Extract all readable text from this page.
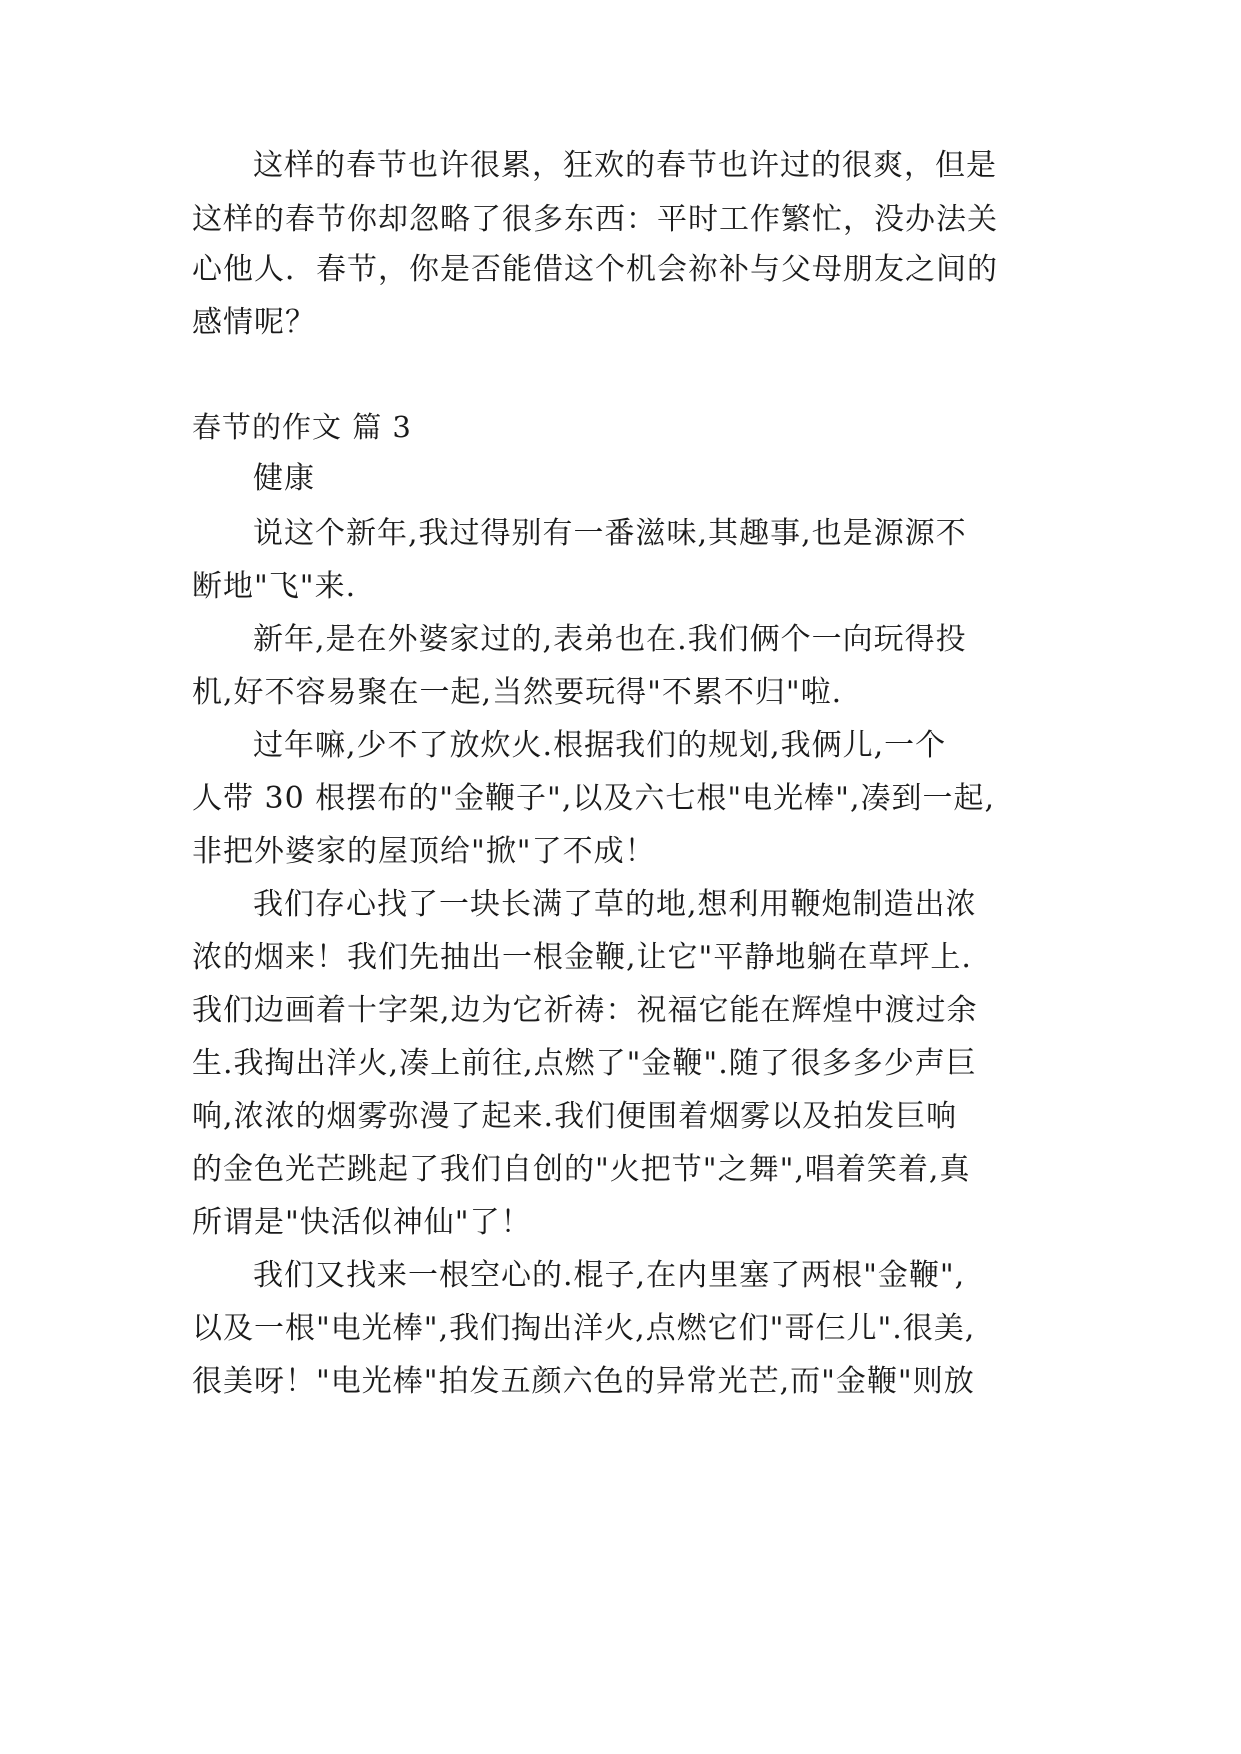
这样的春节也许很累，狂欢的春节也许过的很爽，但是
这样的春节你却忽略了很多东西：平时工作繁忙，没办法关
心他人．春节，你是否能借这个机会祢补与父母朋友之间的
感情呢？
春节的作文 篇 3
健康
说这个新年,我过得别有一番滋味,其趣事,也是源源不
断地"飞"来.
新年,是在外婆家过的,表弟也在.我们俩个一向玩得投
机,好不容易聚在一起,当然要玩得"不累不归"啦.
过年嘛,少不了放炊火.根据我们的规划,我俩儿,一个
人带 30 根摆布的"金鞭子",以及六七根"电光棒",凑到一起,
非把外婆家的屋顶给"掀"了不成！
我们存心找了一块长满了草的地,想利用鞭炮制造出浓
浓的烟来！我们先抽出一根金鞭,让它"平静地躺在草坪上.
我们边画着十字架,边为它祈祷：祝福它能在辉煌中渡过余
生.我掏出洋火,凑上前往,点燃了"金鞭".随了很多多少声巨
响,浓浓的烟雾弥漫了起来.我们便围着烟雾以及拍发巨响
的金色光芒跳起了我们自创的"火把节"之舞",唱着笑着,真
所谓是"快活似神仙"了！
我们又找来一根空心的.棍子,在内里塞了两根"金鞭",
以及一根"电光棒",我们掏出洋火,点燃它们"哥仨儿".很美,
很美呀！"电光棒"拍发五颜六色的异常光芒,而"金鞭"则放
